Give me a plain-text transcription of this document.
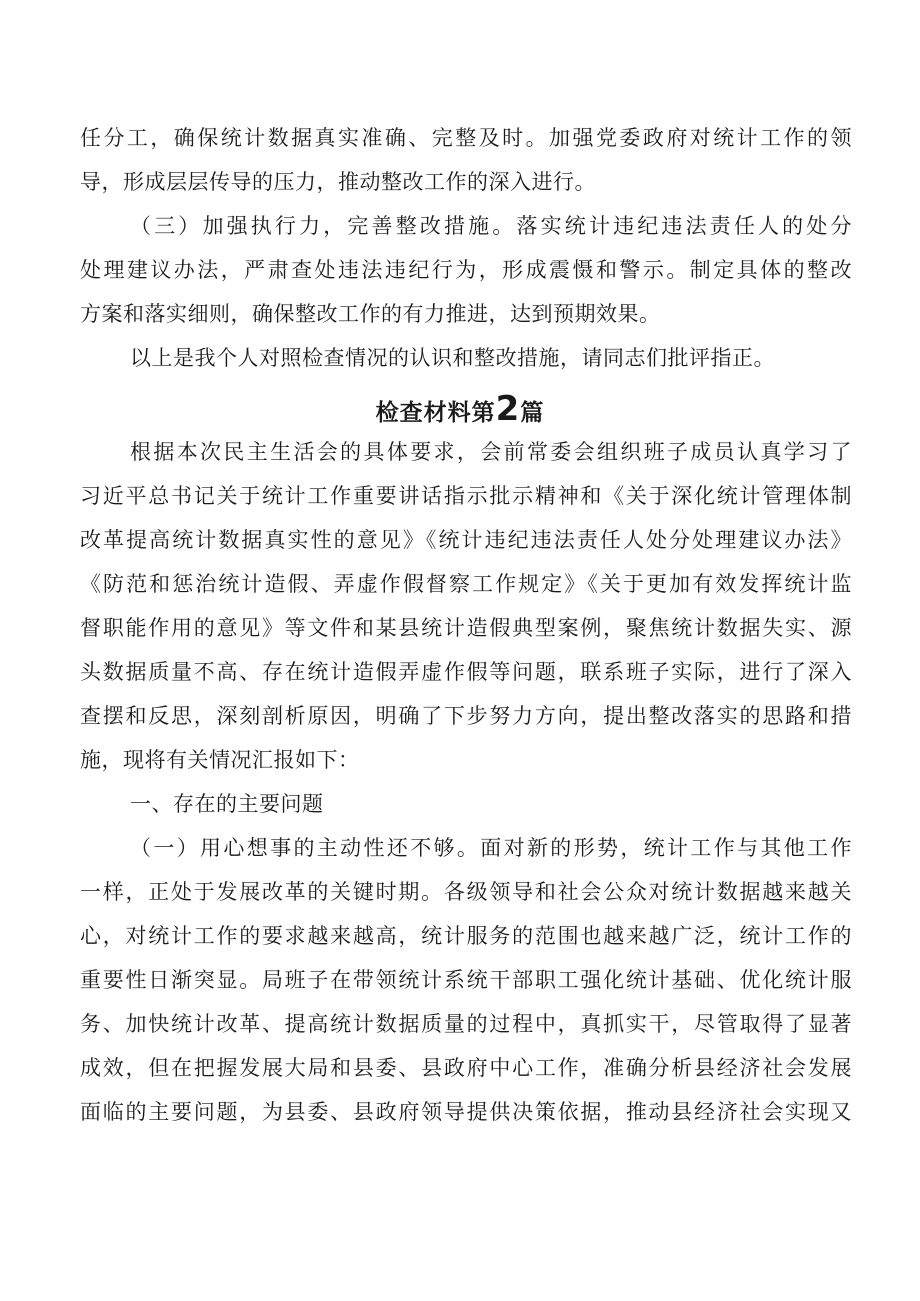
任分工，确保统计数据真实准确、完整及时。加强党委政府对统计工作的领
导，形成层层传导的压力，推动整改工作的深入进行。
（三）加强执行力，完善整改措施。落实统计违纪违法责任人的处分
处理建议办法，严肃查处违法违纪行为，形成震慑和警示。制定具体的整改
方案和落实细则，确保整改工作的有力推进，达到预期效果。
以上是我个人对照检查情况的认识和整改措施，请同志们批评指正。
检查材料第2篇
根据本次民主生活会的具体要求，会前常委会组织班子成员认真学习了
习近平总书记关于统计工作重要讲话指示批示精神和《关于深化统计管理体制
改革提高统计数据真实性的意见》《统计违纪违法责任人处分处理建议办法》
《防范和惩治统计造假、弄虚作假督察工作规定》《关于更加有效发挥统计监
督职能作用的意见》等文件和某县统计造假典型案例，聚焦统计数据失实、源
头数据质量不高、存在统计造假弄虚作假等问题，联系班子实际，进行了深入
查摆和反思，深刻剖析原因，明确了下步努力方向，提出整改落实的思路和措
施，现将有关情况汇报如下：
一、存在的主要问题
（一）用心想事的主动性还不够。面对新的形势，统计工作与其他工作
一样，正处于发展改革的关键时期。各级领导和社会公众对统计数据越来越关
心，对统计工作的要求越来越高，统计服务的范围也越来越广泛，统计工作的
重要性日渐突显。局班子在带领统计系统干部职工强化统计基础、优化统计服
务、加快统计改革、提高统计数据质量的过程中，真抓实干，尽管取得了显著
成效，但在把握发展大局和县委、县政府中心工作，准确分析县经济社会发展
面临的主要问题，为县委、县政府领导提供决策依据，推动县经济社会实现又
